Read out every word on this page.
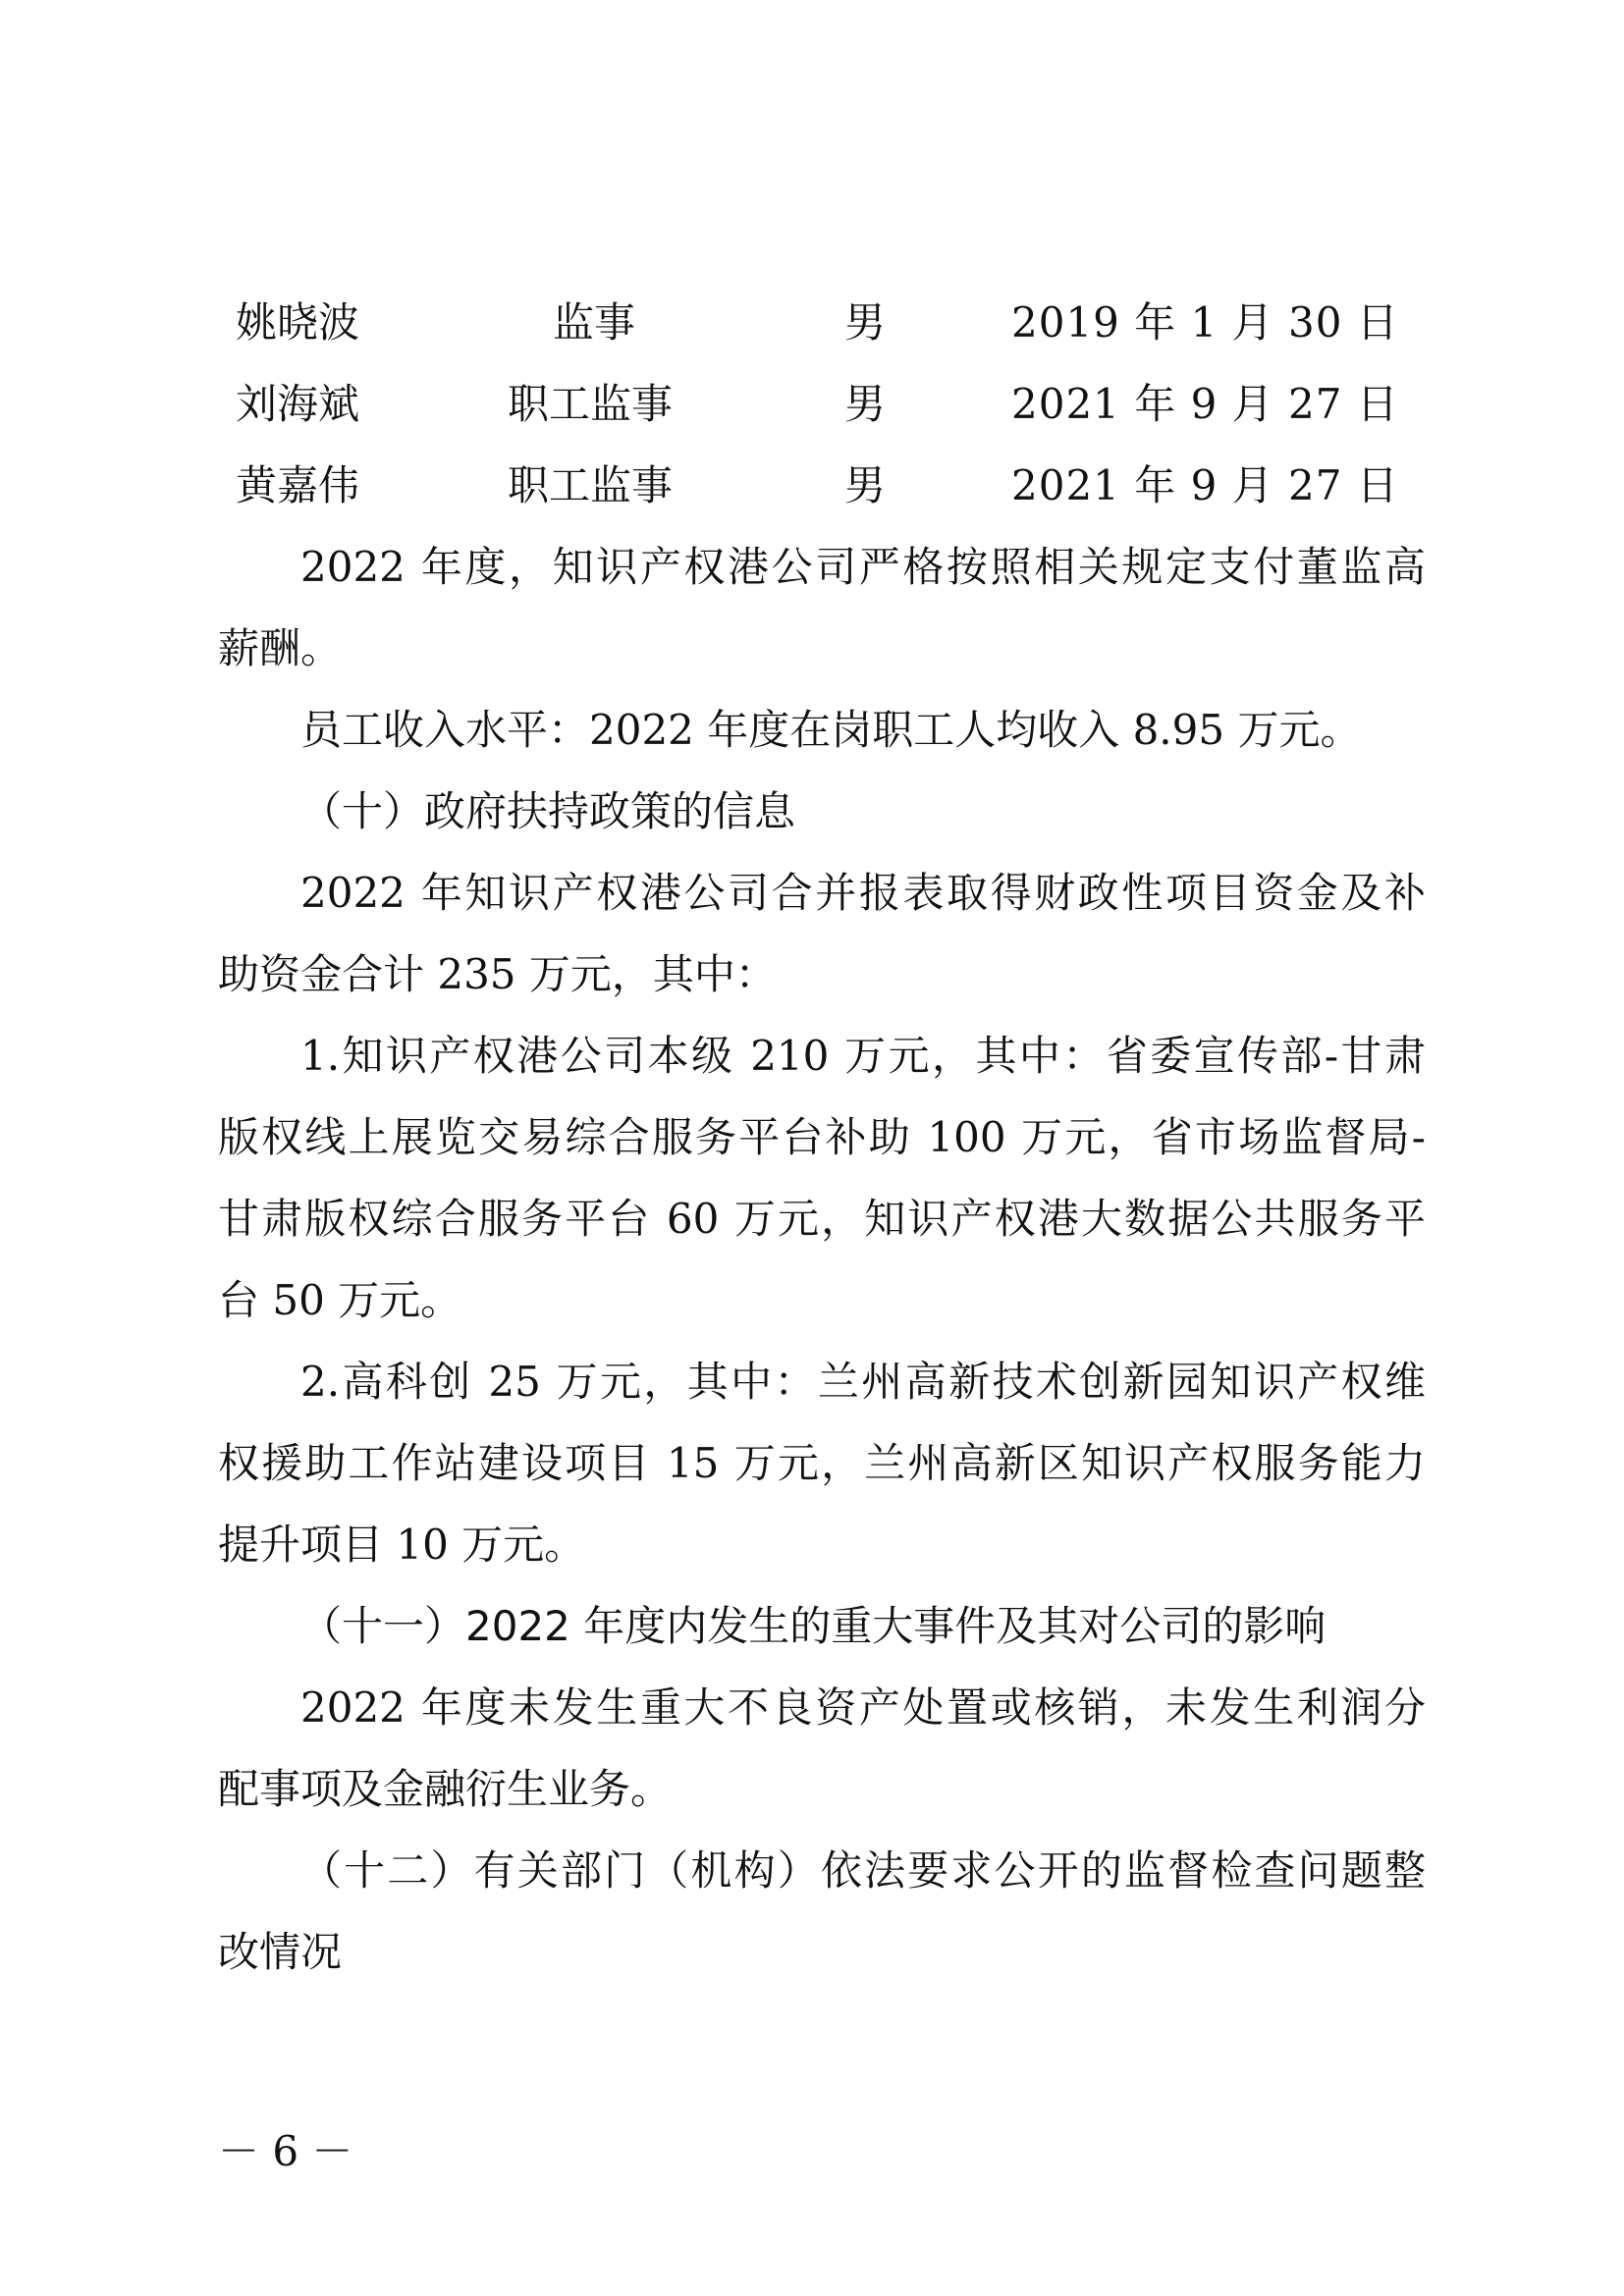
姚晓波	监事	男	2019 年 1 月 30 日
刘海斌	职工监事	男	2021 年 9 月 27 日
黄嘉伟	职工监事	男	2021 年 9 月 27 日
2022 年度，知识产权港公司严格按照相关规定支付董监高
薪酬。
员工收入水平：2022 年度在岗职工人均收入 8.95 万元。
（十）政府扶持政策的信息
2022 年知识产权港公司合并报表取得财政性项目资金及补
助资金合计 235 万元，其中：
1.知识产权港公司本级 210 万元，其中：省委宣传部-甘肃
版权线上展览交易综合服务平台补助 100 万元，省市场监督局-
甘肃版权综合服务平台 60 万元，知识产权港大数据公共服务平
台 50 万元。
2.高科创 25 万元，其中：兰州高新技术创新园知识产权维
权援助工作站建设项目 15 万元，兰州高新区知识产权服务能力
提升项目 10 万元。
（十一）2022 年度内发生的重大事件及其对公司的影响
2022 年度未发生重大不良资产处置或核销，未发生利润分
配事项及金融衍生业务。
（十二）有关部门（机构）依法要求公开的监督检查问题整
改情况
－ 6 －
